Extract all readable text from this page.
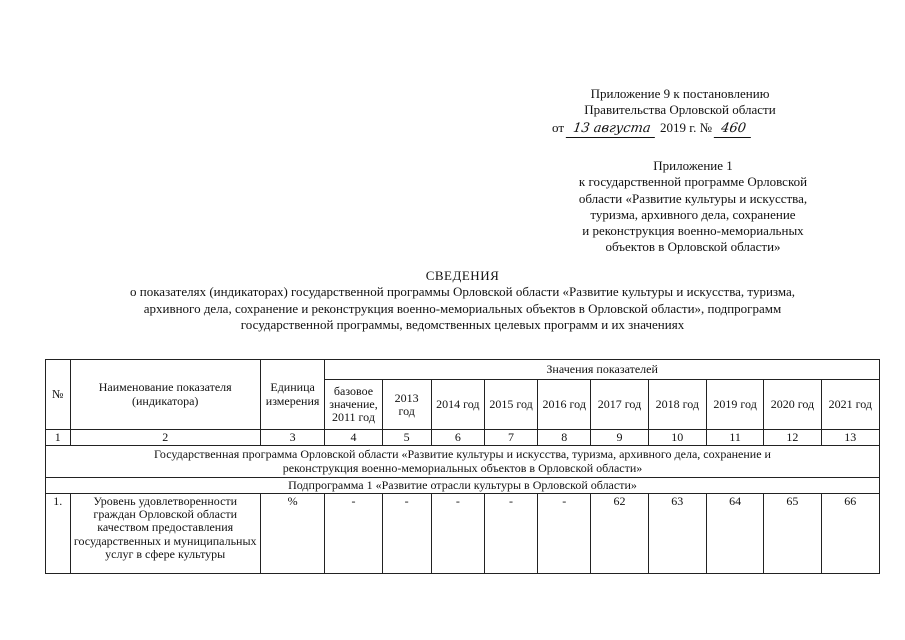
Приложение 9 к постановлению
Правительства Орловской области
от 13 августа 2019 г. № 460
Приложение 1
к государственной программе Орловской
области «Развитие культуры и искусства,
туризма, архивного дела, сохранение
и реконструкция военно-мемориальных
объектов в Орловской области»
СВЕДЕНИЯ
о показателях (индикаторах) государственной программы Орловской области «Развитие культуры и искусства, туризма,
архивного дела, сохранение и реконструкция военно-мемориальных объектов в Орловской области», подпрограмм
государственной программы, ведомственных целевых программ и их значениях
№	Наименование показателя (индикатора)	Единица измерения	Значения показателей									
			базовое значение, 2011 год	2013 год	2014 год	2015 год	2016 год	2017 год	2018 год	2019 год	2020 год	2021 год
1	2	3	4	5	6	7	8	9	10	11	12	13
Государственная программа Орловской области «Развитие культуры и искусства, туризма, архивного дела, сохранение и реконструкция военно-мемориальных объектов в Орловской области»												
Подпрограмма 1 «Развитие отрасли культуры в Орловской области»												
1.	Уровень удовлетворенности граждан Орловской области качеством предоставления государственных и муниципальных услуг в сфере культуры	%	-	-	-	-	-	62	63	64	65	66
